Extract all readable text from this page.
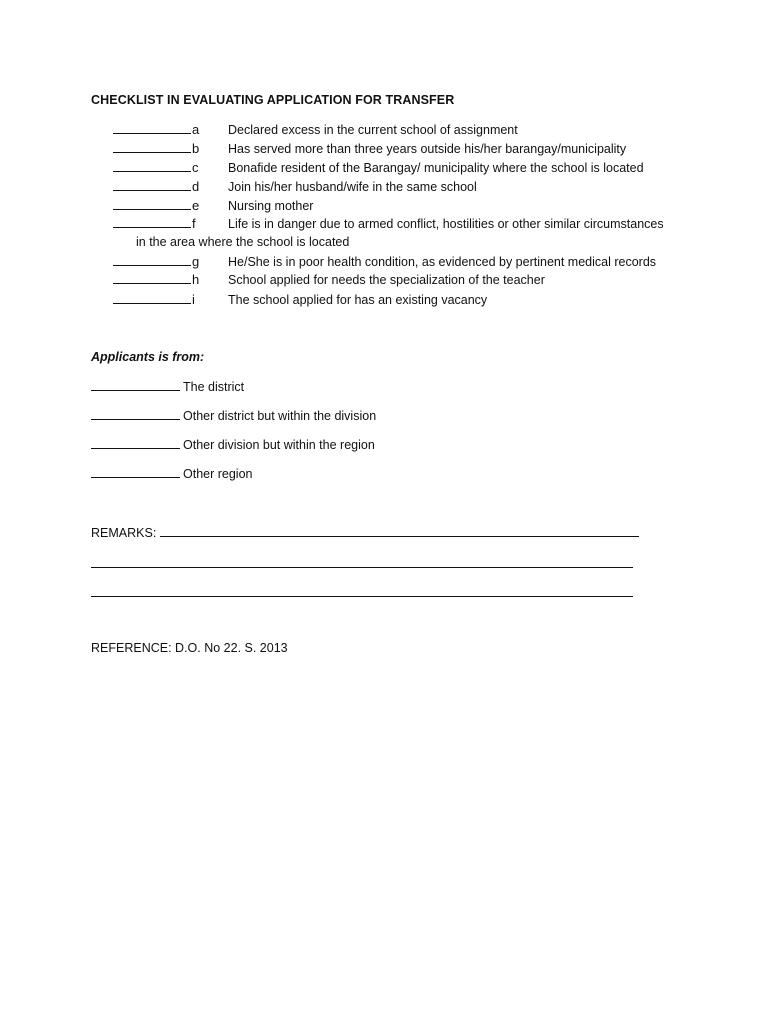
CHECKLIST IN EVALUATING APPLICATION FOR TRANSFER
a	Declared excess in the current school of assignment
b	Has served more than three years outside his/her barangay/municipality
c	Bonafide resident of the Barangay/ municipality where the school is located
d	Join his/her husband/wife in the same school
e	Nursing mother
f	Life is in danger due to armed conflict, hostilities or other similar circumstances
in the area where the school is located
g	He/She is in poor health condition, as evidenced by pertinent medical records
h	School applied for needs the specialization of the teacher
i	The school applied for has an existing vacancy
Applicants is from:
The district
Other district but within the division
Other division but within the region
Other region
REMARKS:
REFERENCE: D.O. No 22. S. 2013
